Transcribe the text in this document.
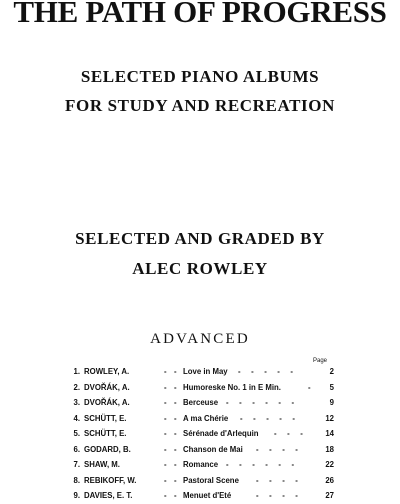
THE PATH OF PROGRESS
SELECTED PIANO ALBUMS
FOR STUDY AND RECREATION
SELECTED AND GRADED BY
ALEC ROWLEY
ADVANCED
Page
1. ROWLEY, A.	- - Love in May -   -   -   -   -	2
2. DVOŘÁK, A.	- - Humoreske No. 1 in E Min.	- 5
3. DVOŘÁK, A.	- - Berceuse -   -   -   -   -   -	9
4. SCHÜTT, E.	- - A ma Chérie -   -   -   -   -	12
5. SCHÜTT, E.	- - Sérénade d'Arlequin -   -   -	14
6. GODARD, B.	- - Chanson de Mai -   -   -   -	18
7. SHAW, M.	- - Romance -   -   -   -   -   -	22
8. REBIKOFF, W.	- - Pastoral Scene -   -   -   -	26
9. DAVIES, E. T.	- - Menuet d'Eté	-   -   -   -	27
